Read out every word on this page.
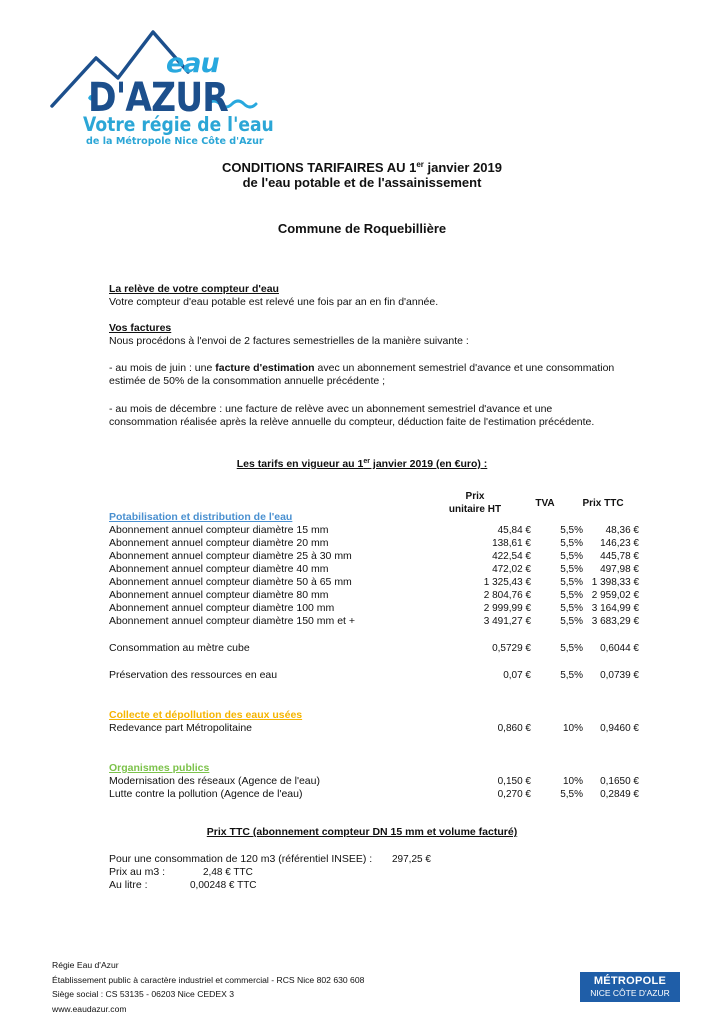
eau
D'AZUR
Votre régie de l'eau
de la Métropole Nice Côte d'Azur
CONDITIONS TARIFAIRES AU 1er janvier 2019
de l'eau potable et de l'assainissement
Commune de Roquebillière
La relève de votre compteur d'eau
Votre compteur d'eau potable est relevé une fois par an en fin d'année.
Vos factures
Nous procédons à l'envoi de 2 factures semestrielles de la manière suivante :
- au mois de juin : une facture d'estimation avec un abonnement semestriel d'avance et une consommation
estimée de 50% de la consommation annuelle précédente ;
- au mois de décembre : une facture de relève avec un abonnement semestriel d'avance et une
consommation réalisée après la relève annuelle du compteur, déduction faite de l'estimation précédente.
Les tarifs en vigueur au 1er janvier 2019 (en €uro) :
Prix
unitaire HT
TVA	Prix TTC
Potabilisation et distribution de l'eau
Abonnement annuel compteur diamètre 15 mm	45,84 €	5,5% 48,36 €
Abonnement annuel compteur diamètre 20 mm	138,61 €	5,5% 146,23 €
Abonnement annuel compteur diamètre 25 à 30 mm	422,54 €	5,5% 445,78 €
Abonnement annuel compteur diamètre 40 mm	472,02 €	5,5% 497,98 €
Abonnement annuel compteur diamètre 50 à 65 mm	1 325,43 €	5,5% 1 398,33 €
Abonnement annuel compteur diamètre 80 mm	2 804,76 €	5,5% 2 959,02 €
Abonnement annuel compteur diamètre 100 mm	2 999,99 €	5,5% 3 164,99 €
Abonnement annuel compteur diamètre 150 mm et +	3 491,27 €	5,5% 3 683,29 €
Consommation au mètre cube	0,5729 €	5,5% 0,6044 €
Préservation des ressources en eau	0,07 €	5,5% 0,0739 €
Collecte et dépollution des eaux usées
Redevance part Métropolitaine	0,860 €	10% 0,9460 €
Organismes publics
Modernisation des réseaux (Agence de l'eau)	0,150 €	10% 0,1650 €
Lutte contre la pollution (Agence de l'eau)	0,270 €	5,5% 0,2849 €
Prix TTC (abonnement compteur DN 15 mm et volume facturé)
Pour une consommation de 120 m3 (référentiel INSEE) : 297,25 €
Prix au m3 :	2,48 € TTC
Au litre :	0,00248 € TTC
Régie Eau d'Azur
Établissement public à caractère industriel et commercial - RCS Nice 802 630 608
Siège social : CS 53135 - 06203 Nice CEDEX 3
www.eaudazur.com
MÉTROPOLE
NICE CÔTE D'AZUR
